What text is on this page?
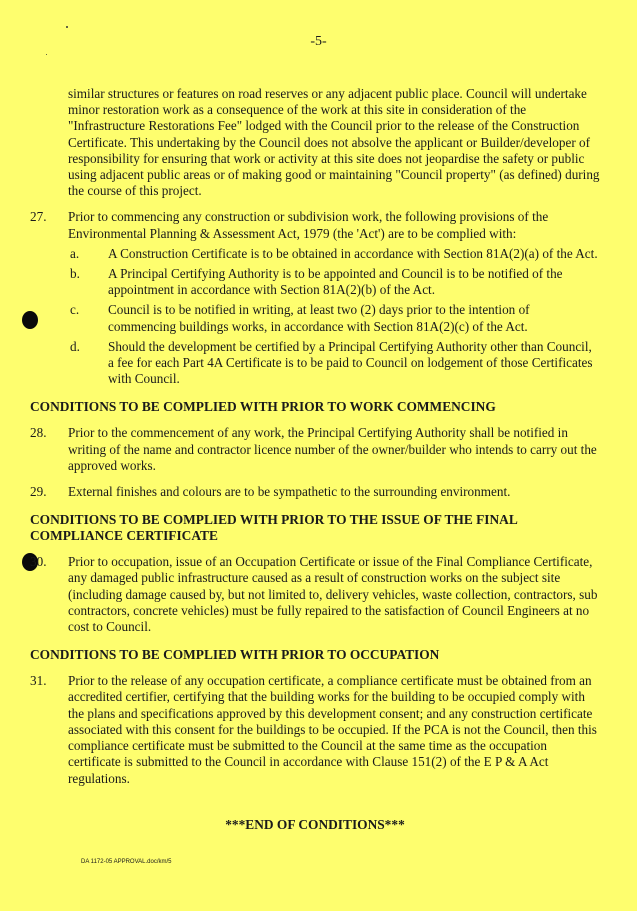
-5-

similar structures or features on road reserves or any adjacent public place. Council will undertake minor restoration work as a consequence of the work at this site in consideration of the "Infrastructure Restorations Fee" lodged with the Council prior to the release of the Construction Certificate. This undertaking by the Council does not absolve the applicant or Builder/developer of responsibility for ensuring that work or activity at this site does not jeopardise the safety or public using adjacent public areas or of making good or maintaining "Council property" (as defined) during the course of this project.

27.	Prior to commencing any construction or subdivision work, the following provisions of the Environmental Planning & Assessment Act, 1979 (the 'Act') are to be complied with:

a.	A Construction Certificate is to be obtained in accordance with Section 81A(2)(a) of the Act.
b.	A Principal Certifying Authority is to be appointed and Council is to be notified of the appointment in accordance with Section 81A(2)(b) of the Act.
c.	Council is to be notified in writing, at least two (2) days prior to the intention of commencing buildings works, in accordance with Section 81A(2)(c) of the Act.
d.	Should the development be certified by a Principal Certifying Authority other than Council, a fee for each Part 4A Certificate is to be paid to Council on lodgement of those Certificates with Council.
CONDITIONS TO BE COMPLIED WITH PRIOR TO WORK COMMENCING
28.	Prior to the commencement of any work, the Principal Certifying Authority shall be notified in writing of the name and contractor licence number of the owner/builder who intends to carry out the approved works.

29.	External finishes and colours are to be sympathetic to the surrounding environment.

CONDITIONS TO BE COMPLIED WITH PRIOR TO THE ISSUE OF THE FINAL COMPLIANCE CERTIFICATE
30.	Prior to occupation, issue of an Occupation Certificate or issue of the Final Compliance Certificate, any damaged public infrastructure caused as a result of construction works on the subject site (including damage caused by, but not limited to, delivery vehicles, waste collection, contractors, sub contractors, concrete vehicles) must be fully repaired to the satisfaction of Council Engineers at no cost to Council.

CONDITIONS TO BE COMPLIED WITH PRIOR TO OCCUPATION
31.	Prior to the release of any occupation certificate, a compliance certificate must be obtained from an accredited certifier, certifying that the building works for the building to be occupied comply with the plans and specifications approved by this development consent; and any construction certificate associated with this consent for the buildings to be occupied. If the PCA is not the Council, then this compliance certificate must be submitted to the Council at the same time as the occupation certificate is submitted to the Council in accordance with Clause 151(2) of the E P & A Act regulations.

***END OF CONDITIONS***

DA 1172-05 APPROVAL.doc/km/5
